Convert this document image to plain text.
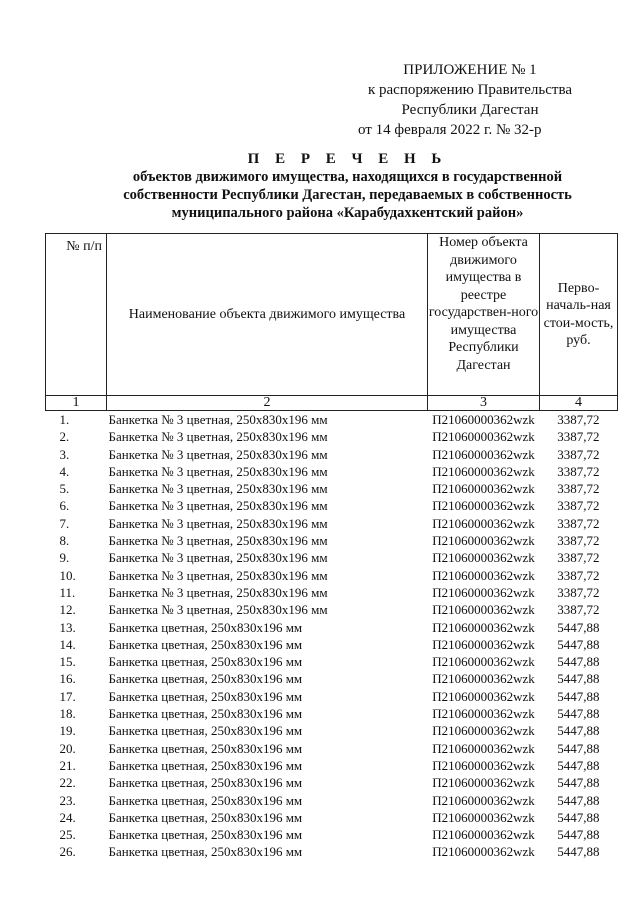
ПРИЛОЖЕНИЕ № 1
к распоряжению Правительства
Республики Дагестан
от 14 февраля 2022 г. № 32-р
П Е Р Е Ч Е Н Ь
объектов движимого имущества, находящихся в государственной
собственности Республики Дагестан, передаваемых в собственность
муниципального района «Карабудахкентский район»
№ п/п	Наименование объекта движимого имущества	Номер объекта движимого имущества в реестре государствен-ного имущества Республики Дагестан	Перво-началь-ная стои-мость, руб.
1	2	3	4
1.	Банкетка № 3 цветная, 250х830х196 мм	П21060000362wzk	3387,72
2.	Банкетка № 3 цветная, 250х830х196 мм	П21060000362wzk	3387,72
3.	Банкетка № 3 цветная, 250х830х196 мм	П21060000362wzk	3387,72
4.	Банкетка № 3 цветная, 250х830х196 мм	П21060000362wzk	3387,72
5.	Банкетка № 3 цветная, 250х830х196 мм	П21060000362wzk	3387,72
6.	Банкетка № 3 цветная, 250х830х196 мм	П21060000362wzk	3387,72
7.	Банкетка № 3 цветная, 250х830х196 мм	П21060000362wzk	3387,72
8.	Банкетка № 3 цветная, 250х830х196 мм	П21060000362wzk	3387,72
9.	Банкетка № 3 цветная, 250х830х196 мм	П21060000362wzk	3387,72
10.	Банкетка № 3 цветная, 250х830х196 мм	П21060000362wzk	3387,72
11.	Банкетка № 3 цветная, 250х830х196 мм	П21060000362wzk	3387,72
12.	Банкетка № 3 цветная, 250х830х196 мм	П21060000362wzk	3387,72
13.	Банкетка цветная, 250х830х196 мм	П21060000362wzk	5447,88
14.	Банкетка цветная, 250х830х196 мм	П21060000362wzk	5447,88
15.	Банкетка цветная, 250х830х196 мм	П21060000362wzk	5447,88
16.	Банкетка цветная, 250х830х196 мм	П21060000362wzk	5447,88
17.	Банкетка цветная, 250х830х196 мм	П21060000362wzk	5447,88
18.	Банкетка цветная, 250х830х196 мм	П21060000362wzk	5447,88
19.	Банкетка цветная, 250х830х196 мм	П21060000362wzk	5447,88
20.	Банкетка цветная, 250х830х196 мм	П21060000362wzk	5447,88
21.	Банкетка цветная, 250х830х196 мм	П21060000362wzk	5447,88
22.	Банкетка цветная, 250х830х196 мм	П21060000362wzk	5447,88
23.	Банкетка цветная, 250х830х196 мм	П21060000362wzk	5447,88
24.	Банкетка цветная, 250х830х196 мм	П21060000362wzk	5447,88
25.	Банкетка цветная, 250х830х196 мм	П21060000362wzk	5447,88
26.	Банкетка цветная, 250х830х196 мм	П21060000362wzk	5447,88
